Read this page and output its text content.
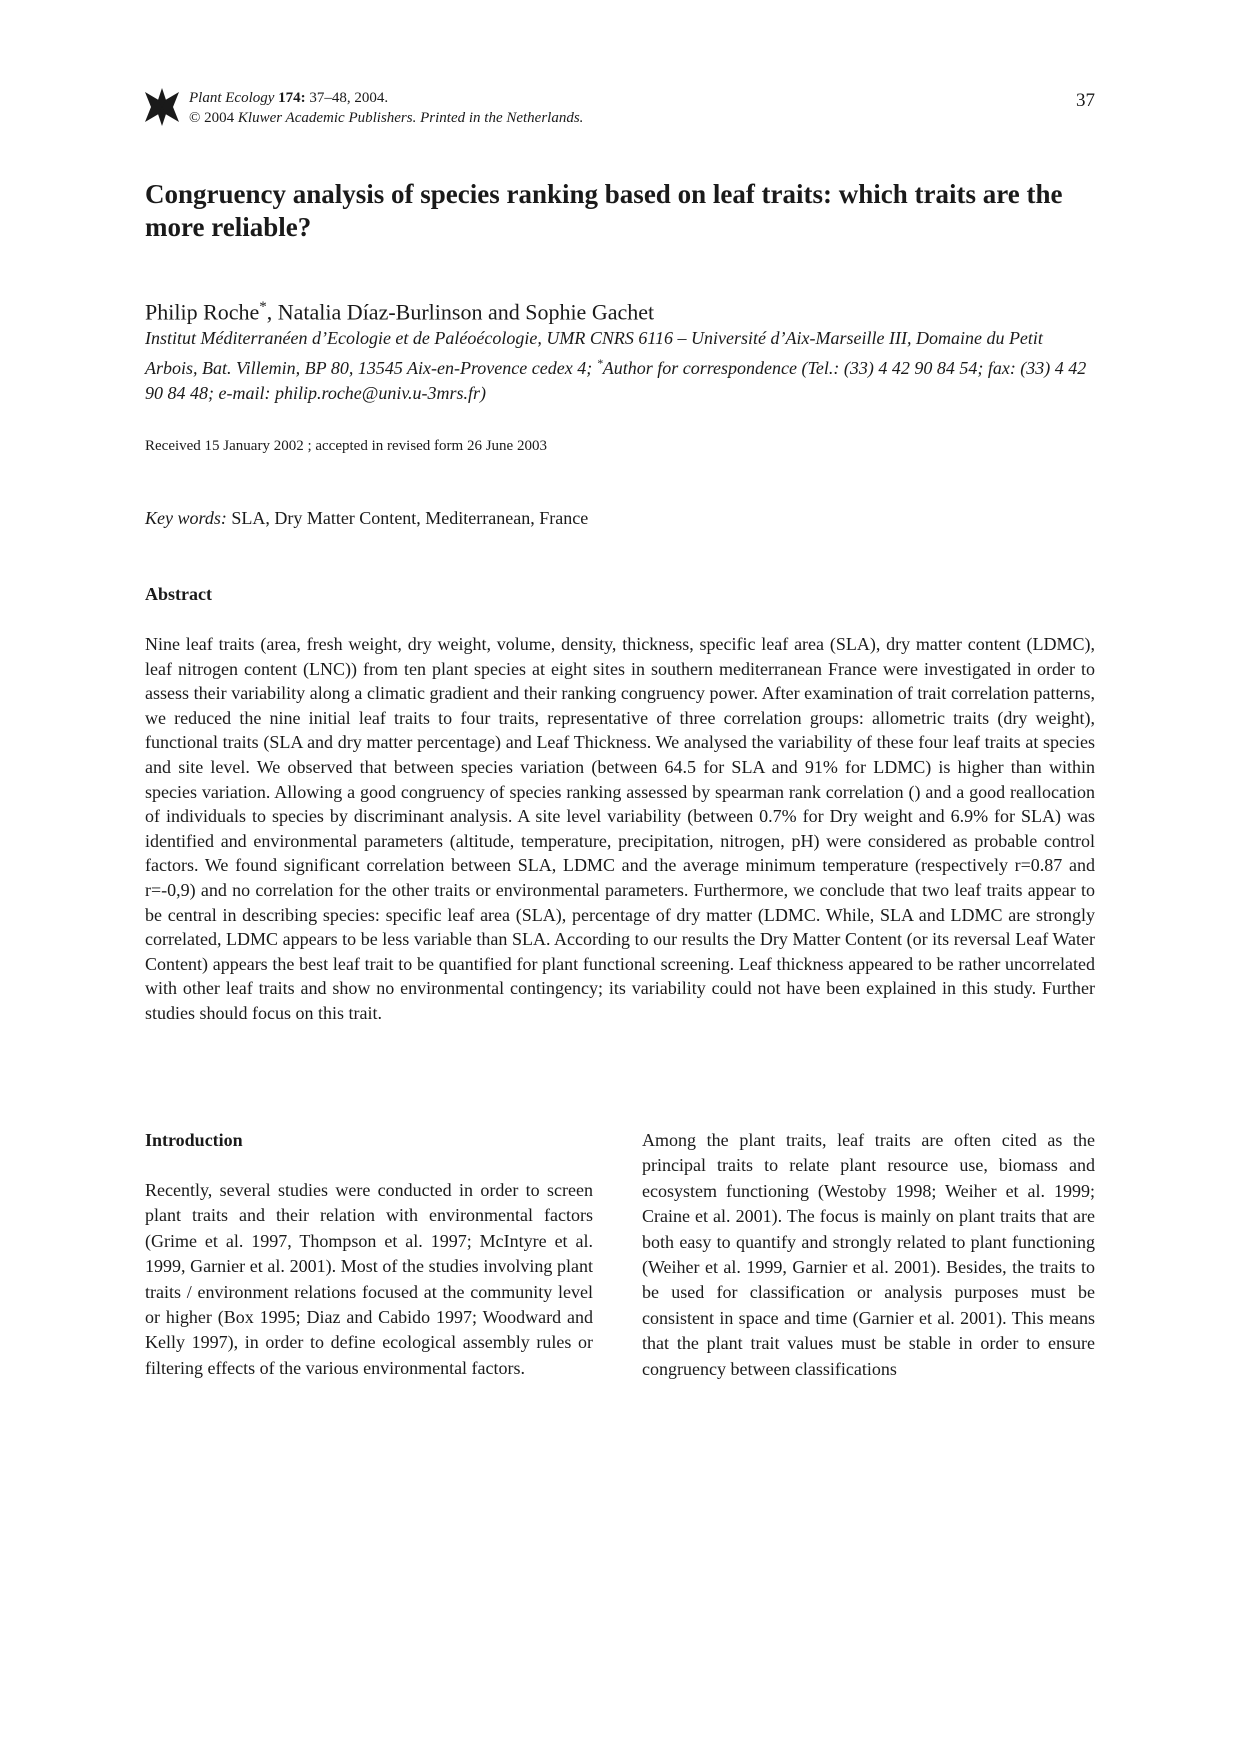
Plant Ecology 174: 37–48, 2004.
© 2004 Kluwer Academic Publishers. Printed in the Netherlands.
37
Congruency analysis of species ranking based on leaf traits: which traits are the more reliable?
Philip Roche*, Natalia Díaz-Burlinson and Sophie Gachet
Institut Méditerranéen d’Ecologie et de Paléoécologie, UMR CNRS 6116 – Université d’Aix-Marseille III, Domaine du Petit Arbois, Bat. Villemin, BP 80, 13545 Aix-en-Provence cedex 4; *Author for correspondence (Tel.: (33) 4 42 90 84 54; fax: (33) 4 42 90 84 48; e-mail: philip.roche@univ.u-3mrs.fr)
Received 15 January 2002 ; accepted in revised form 26 June 2003
Key words: SLA, Dry Matter Content, Mediterranean, France
Abstract

Nine leaf traits (area, fresh weight, dry weight, volume, density, thickness, specific leaf area (SLA), dry matter content (LDMC), leaf nitrogen content (LNC)) from ten plant species at eight sites in southern mediterranean France were investigated in order to assess their variability along a climatic gradient and their ranking congruency power. After examination of trait correlation patterns, we reduced the nine initial leaf traits to four traits, representative of three correlation groups: allometric traits (dry weight), functional traits (SLA and dry matter percentage) and Leaf Thickness. We analysed the variability of these four leaf traits at species and site level. We observed that between species variation (between 64.5 for SLA and 91% for LDMC) is higher than within species variation. Allowing a good congruency of species ranking assessed by spearman rank correlation () and a good reallocation of individuals to species by discriminant analysis. A site level variability (between 0.7% for Dry weight and 6.9% for SLA) was identified and environmental parameters (altitude, temperature, precipitation, nitrogen, pH) were considered as probable control factors. We found significant correlation between SLA, LDMC and the average minimum temperature (respectively r=0.87 and r=-0,9) and no correlation for the other traits or environmental parameters. Furthermore, we conclude that two leaf traits appear to be central in describing species: specific leaf area (SLA), percentage of dry matter (LDMC. While, SLA and LDMC are strongly correlated, LDMC appears to be less variable than SLA. According to our results the Dry Matter Content (or its reversal Leaf Water Content) appears the best leaf trait to be quantified for plant functional screening. Leaf thickness appeared to be rather uncorrelated with other leaf traits and show no environmental contingency; its variability could not have been explained in this study. Further studies should focus on this trait.

Introduction

Recently, several studies were conducted in order to screen plant traits and their relation with environmental factors (Grime et al. 1997, Thompson et al. 1997; McIntyre et al. 1999, Garnier et al. 2001). Most of the studies involving plant traits / environment relations focused at the community level or higher (Box 1995; Diaz and Cabido 1997; Woodward and Kelly 1997), in order to define ecological assembly rules or filtering effects of the various environmental factors.

Among the plant traits, leaf traits are often cited as the principal traits to relate plant resource use, biomass and ecosystem functioning (Westoby 1998; Weiher et al. 1999; Craine et al. 2001). The focus is mainly on plant traits that are both easy to quantify and strongly related to plant functioning (Weiher et al. 1999, Garnier et al. 2001). Besides, the traits to be used for classification or analysis purposes must be consistent in space and time (Garnier et al. 2001). This means that the plant trait values must be stable in order to ensure congruency between classifications
